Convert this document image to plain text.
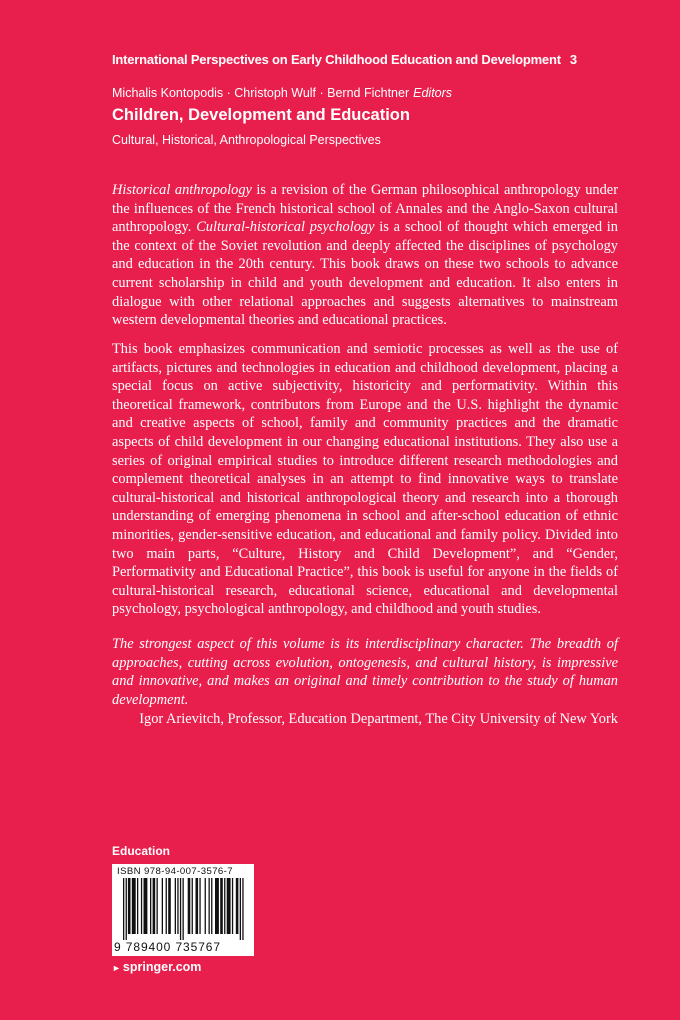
International Perspectives on Early Childhood Education and Development 3
Michalis Kontopodis · Christoph Wulf · Bernd Fichtner Editors
Children, Development and Education
Cultural, Historical, Anthropological Perspectives

Historical anthropology is a revision of the German philosophical anthropology under the influences of the French historical school of Annales and the Anglo-Saxon cultural anthropology. Cultural-historical psychology is a school of thought which emerged in the context of the Soviet revolution and deeply affected the disciplines of psychology and education in the 20th century. This book draws on these two schools to advance current scholarship in child and youth development and education. It also enters in dialogue with other relational approaches and suggests alternatives to mainstream western developmental theories and educational practices.

This book emphasizes communication and semiotic processes as well as the use of artifacts, pictures and technologies in education and childhood development, placing a special focus on active subjectivity, historicity and performativity. Within this theoretical framework, contributors from Europe and the U.S. highlight the dynamic and creative aspects of school, family and community practices and the dramatic aspects of child development in our changing educational institutions. They also use a series of original empirical studies to introduce different research methodologies and complement theoretical analyses in an attempt to find innovative ways to translate cultural-historical and historical anthropological theory and research into a thorough understanding of emerging phenomena in school and after-school education of ethnic minorities, gender-sensitive education, and educational and family policy. Divided into two main parts, “Culture, History and Child Development”, and “Gender, Performativity and Educational Practice”, this book is useful for anyone in the fields of cultural-historical research, educational science, educational and developmental psychology, psychological anthropology, and childhood and youth studies.

The strongest aspect of this volume is its interdisciplinary character. The breadth of approaches, cutting across evolution, ontogenesis, and cultural history, is impressive and innovative, and makes an original and timely contribution to the study of human development.

Igor Arievitch, Professor, Education Department, The City University of New York

Education
ISBN 978-94-007-3576-7
9 789400 735767
► springer.com
